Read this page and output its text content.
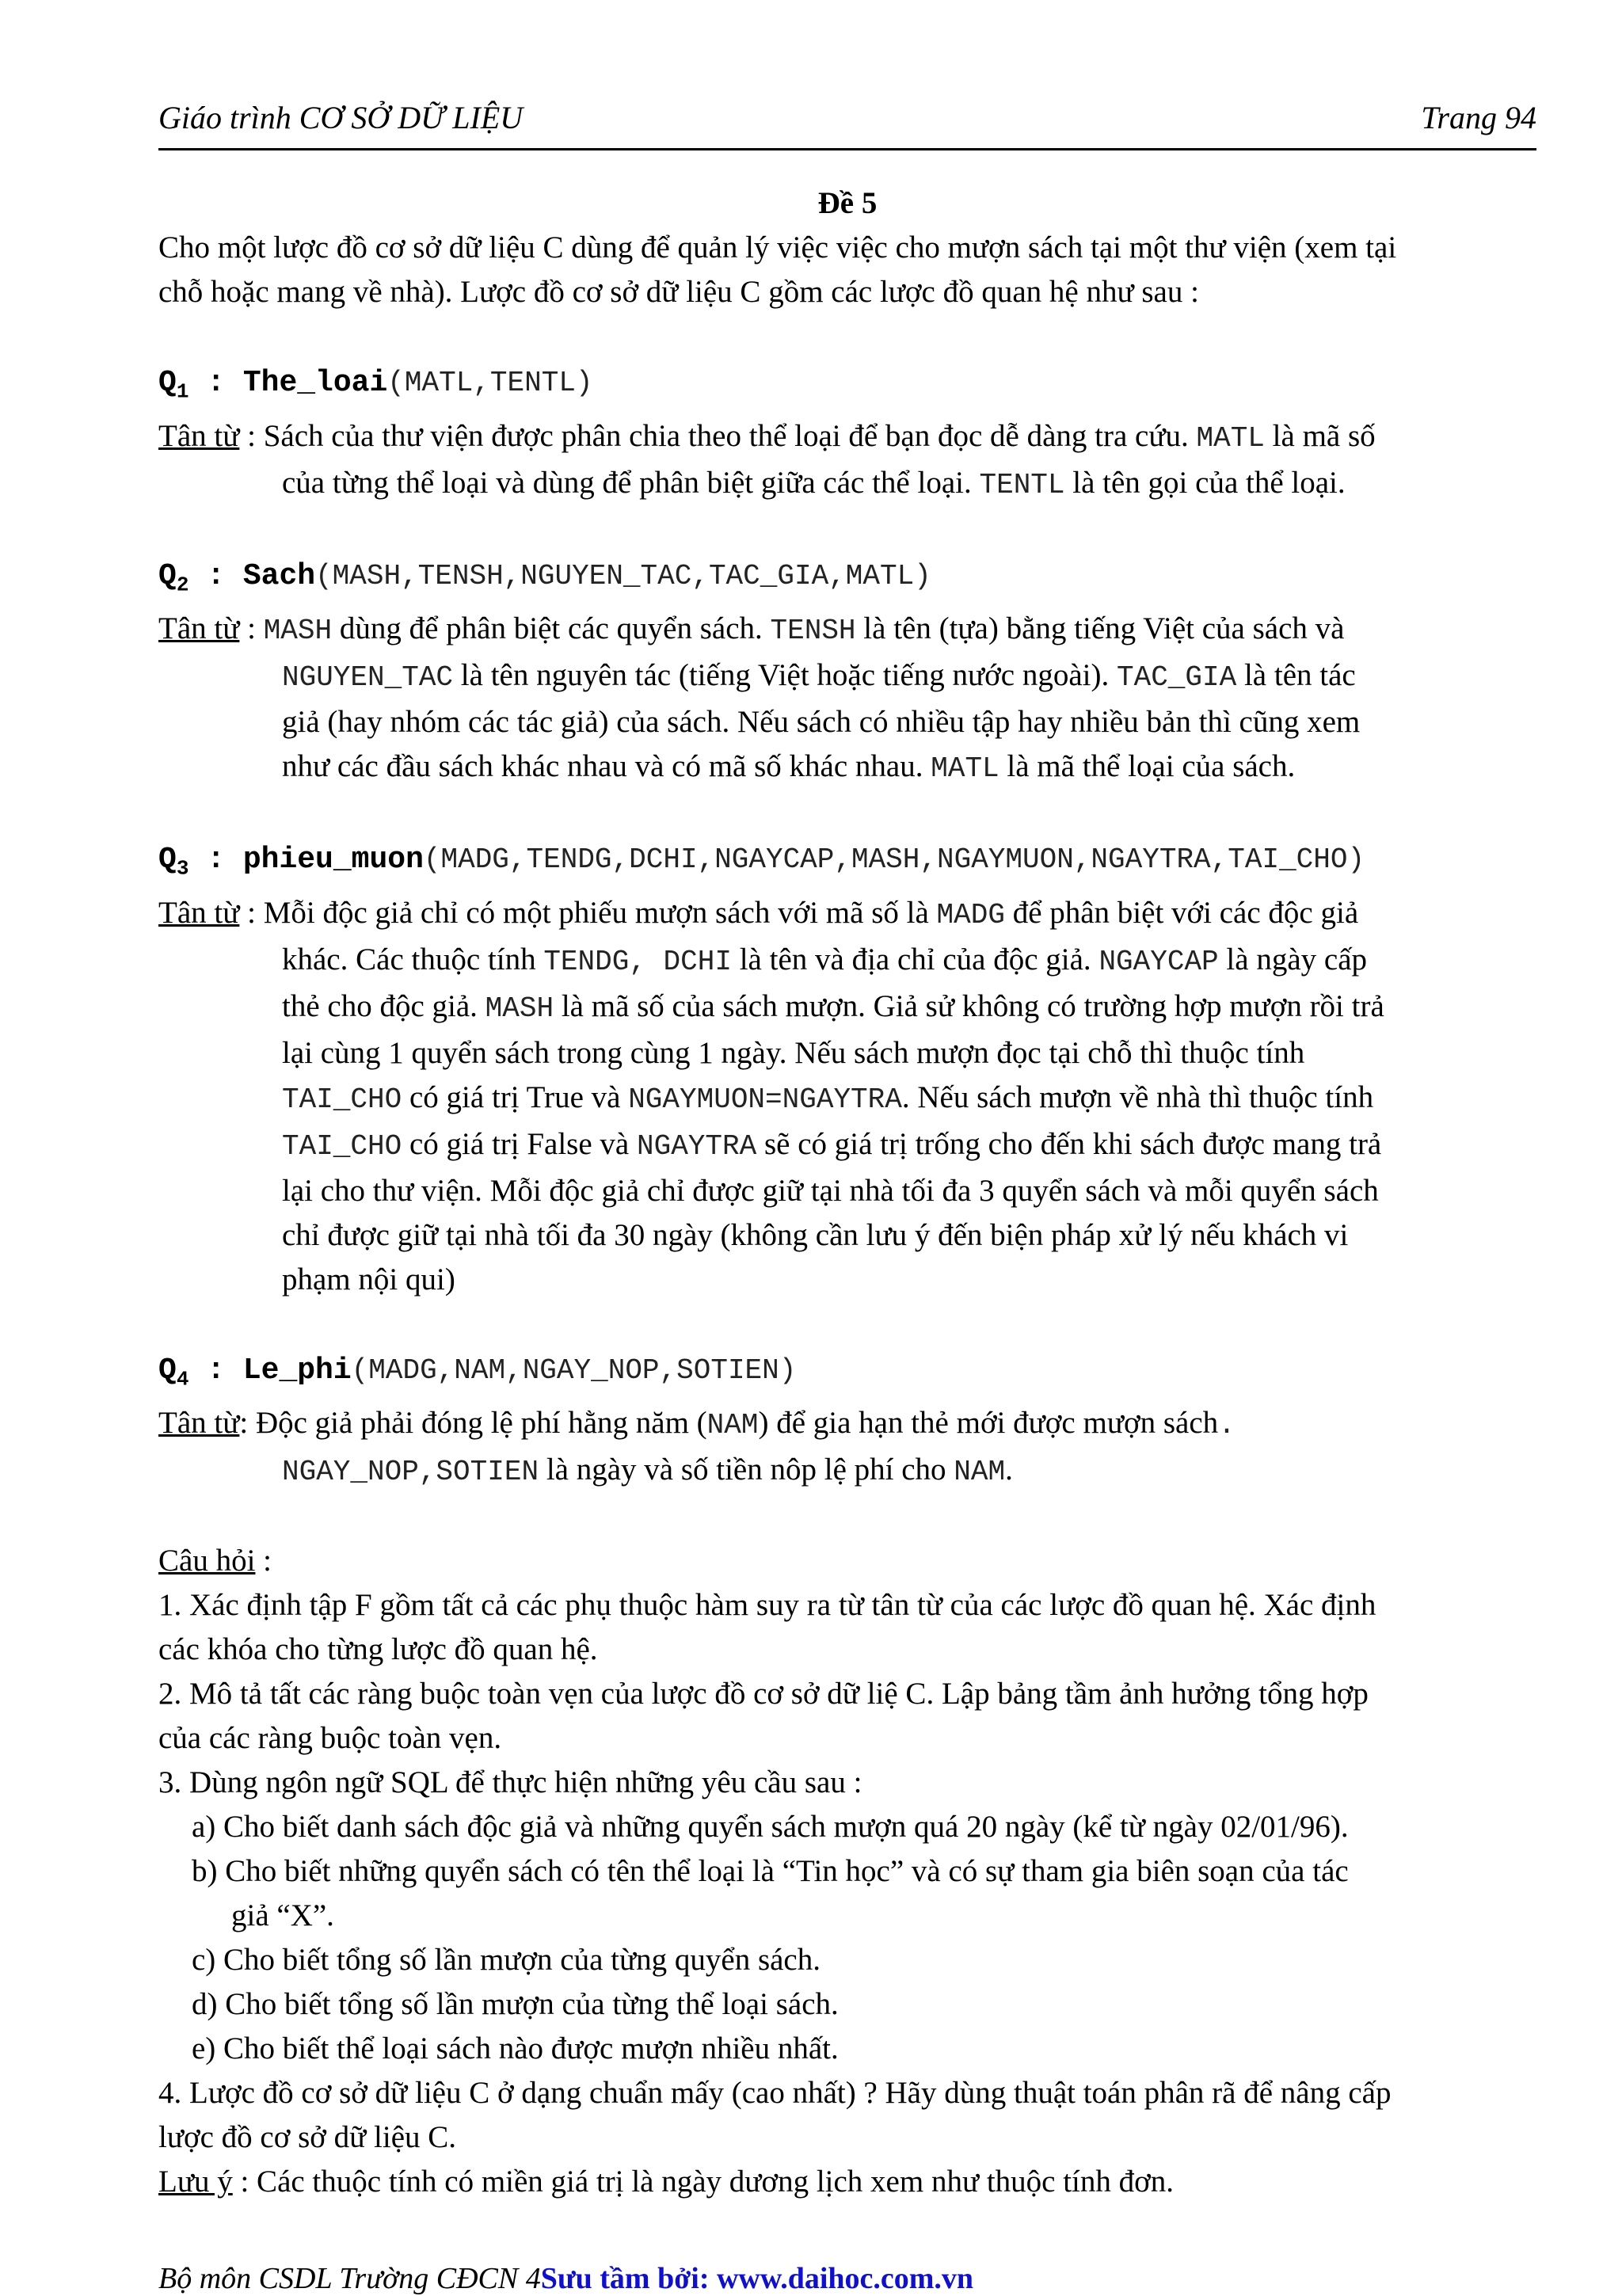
Giáo trình CƠ SỞ DỮ LIỆU	Trang 94

Đề 5

Cho một lược đồ cơ sở dữ liệu C dùng để quản lý việc việc cho mượn sách tại một thư viện (xem tại

chỗ hoặc mang về nhà). Lược đồ cơ sở dữ liệu C gồm các lược đồ quan hệ như sau :

$Q_1$ : The_loai(MATL,TENTL)

Tân từ : Sách của thư viện được phân chia theo thể loại để bạn đọc dễ dàng tra cứu. MATL là mã số

của từng thể loại và dùng để phân biệt giữa các thể loại. TENTL là tên gọi của thể loại.

$Q_2$ : Sach(MASH,TENSH,NGUYEN_TAC,TAC_GIA,MATL)

Tân từ : MASH dùng để phân biệt các quyển sách. TENSH là tên (tựa) bằng tiếng Việt của sách và

NGUYEN_TAC là tên nguyên tác (tiếng Việt hoặc tiếng nước ngoài). TAC_GIA là tên tác

giả (hay nhóm các tác giả) của sách. Nếu sách có nhiều tập hay nhiều bản thì cũng xem

như các đầu sách khác nhau và có mã số khác nhau. MATL là mã thể loại của sách.

$Q_3$ : phieu_muon(MADG,TENDG,DCHI,NGAYCAP,MASH,NGAYMUON,NGAYTRA,TAI_CHO)

Tân từ : Mỗi độc giả chỉ có một phiếu mượn sách với mã số là MADG để phân biệt với các độc giả

khác. Các thuộc tính TENDG, DCHI là tên và địa chỉ của độc giả. NGAYCAP là ngày cấp

thẻ cho độc giả. MASH là mã số của sách mượn. Giả sử không có trường hợp mượn rồi trả

lại cùng 1 quyển sách trong cùng 1 ngày. Nếu sách mượn đọc tại chỗ thì thuộc tính

TAI_CHO có giá trị True và NGAYMUON=NGAYTRA. Nếu sách mượn về nhà thì thuộc tính

TAI_CHO có giá trị False và NGAYTRA sẽ có giá trị trống cho đến khi sách được mang trả

lại cho thư viện. Mỗi độc giả chỉ được giữ tại nhà tối đa 3 quyển sách và mỗi quyển sách

chỉ được giữ tại nhà tối đa 30 ngày (không cần lưu ý đến biện pháp xử lý nếu khách vi

phạm nội qui)

$Q_4$ : Le_phi(MADG,NAM,NGAY_NOP,SOTIEN)

Tân từ: Độc giả phải đóng lệ phí hằng năm (NAM) để gia hạn thẻ mới được mượn sách.

NGAY_NOP,SOTIEN là ngày và số tiền nôp lệ phí cho NAM.

Câu hỏi :

1. Xác định tập F gồm tất cả các phụ thuộc hàm suy ra từ tân từ của các lược đồ quan hệ. Xác định

các khóa cho từng lược đồ quan hệ.

2. Mô tả tất các ràng buộc toàn vẹn của lược đồ cơ sở dữ liệ C. Lập bảng tầm ảnh hưởng tổng hợp

của các ràng buộc toàn vẹn.

3. Dùng ngôn ngữ SQL để thực hiện những yêu cầu sau :

a) Cho biết danh sách độc giả và những quyển sách mượn quá 20 ngày (kể từ ngày 02/01/96).

b) Cho biết những quyển sách có tên thể loại là “Tin học” và có sự tham gia biên soạn của tác

giả “X”.

c) Cho biết tổng số lần mượn của từng quyển sách.

d) Cho biết tổng số lần mượn của từng thể loại sách.

e) Cho biết thể loại sách nào được mượn nhiều nhất.

4. Lược đồ cơ sở dữ liệu C ở dạng chuẩn mấy (cao nhất) ? Hãy dùng thuật toán phân rã để nâng cấp

lược đồ cơ sở dữ liệu C.

Lưu ý : Các thuộc tính có miền giá trị là ngày dương lịch xem như thuộc tính đơn.

Bộ môn CSDL Trường CĐCN 4Sưu tầm bởi: www.daihoc.com.vn
